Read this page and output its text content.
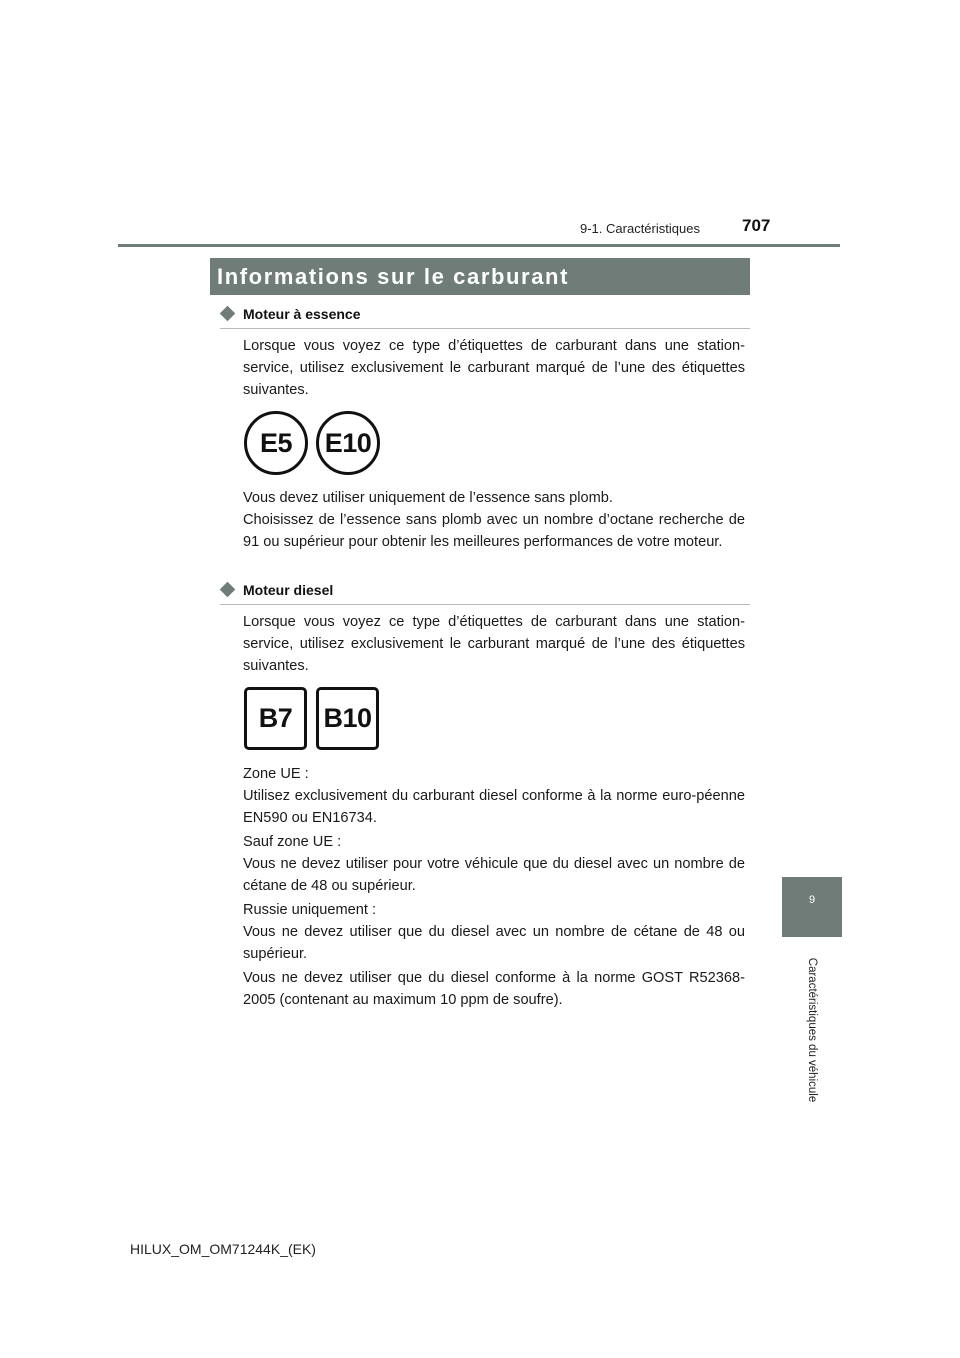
9-1. Caractéristiques 707
Informations sur le carburant
9
Caractéristiques du véhicule
Moteur à essence

Lorsque vous voyez ce type d’étiquettes de carburant dans une station-service, utilisez exclusivement le carburant marqué de l’une des étiquettes suivantes.

E5	E10

Vous devez utiliser uniquement de l’essence sans plomb.

Choisissez de l’essence sans plomb avec un nombre d’octane recherche de 91 ou supérieur pour obtenir les meilleures performances de votre moteur.

Moteur diesel

Lorsque vous voyez ce type d’étiquettes de carburant dans une station-service, utilisez exclusivement le carburant marqué de l’une des étiquettes suivantes.

B7	B10

Zone UE :

Utilisez exclusivement du carburant diesel conforme à la norme euro-péenne EN590 ou EN16734.

Sauf zone UE :

Vous ne devez utiliser pour votre véhicule que du diesel avec un nombre de cétane de 48 ou supérieur.

Russie uniquement :

Vous ne devez utiliser que du diesel avec un nombre de cétane de 48 ou supérieur.

Vous ne devez utiliser que du diesel conforme à la norme GOST R52368-2005 (contenant au maximum 10 ppm de soufre).

HILUX_OM_OM71244K_(EK)
